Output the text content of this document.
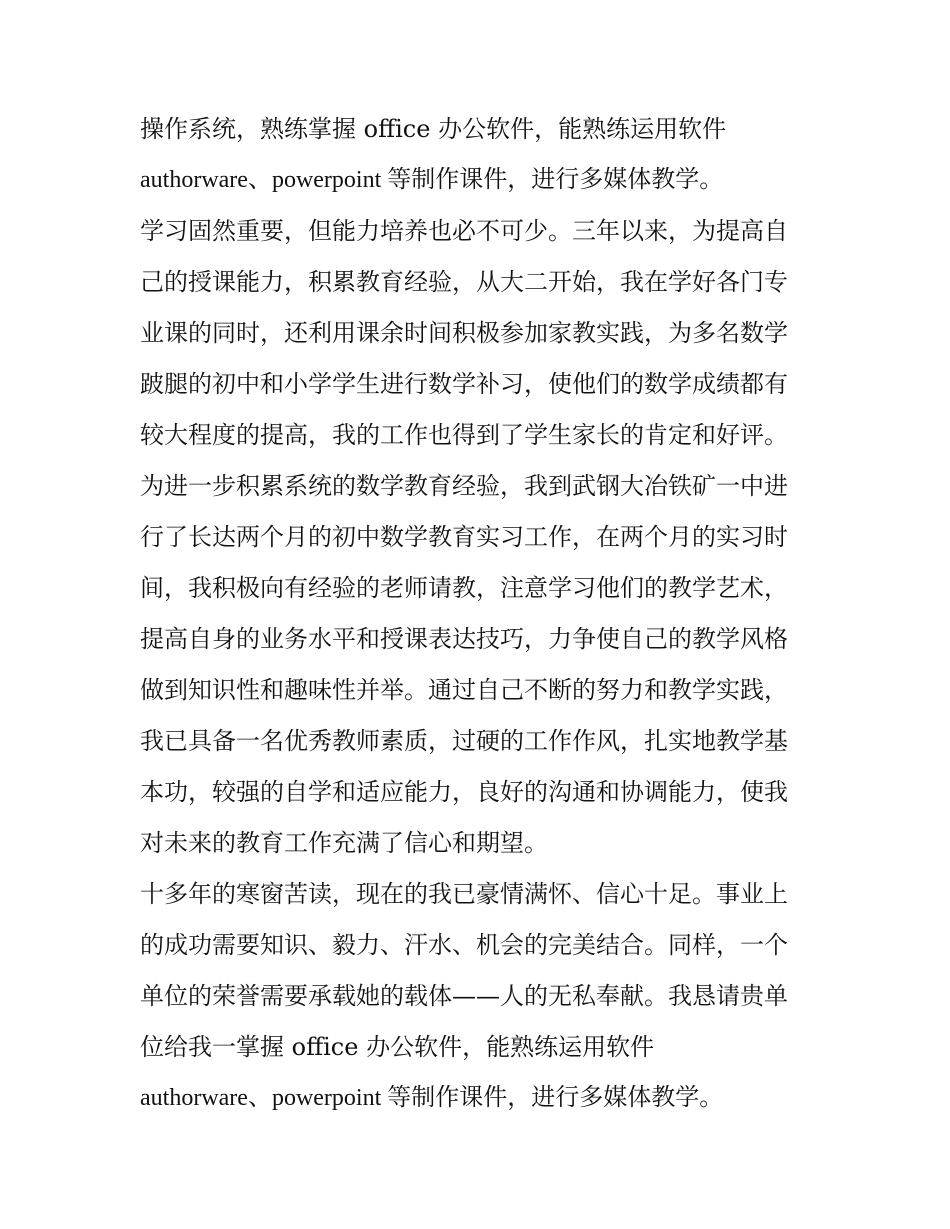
操作系统，熟练掌握 office 办公软件，能熟练运用软件
authorware、powerpoint 等制作课件，进行多媒体教学。
学习固然重要，但能力培养也必不可少。三年以来，为提高自
己的授课能力，积累教育经验，从大二开始，我在学好各门专
业课的同时，还利用课余时间积极参加家教实践，为多名数学
跛腿的初中和小学学生进行数学补习，使他们的数学成绩都有
较大程度的提高，我的工作也得到了学生家长的肯定和好评。
为进一步积累系统的数学教育经验，我到武钢大冶铁矿一中进
行了长达两个月的初中数学教育实习工作，在两个月的实习时
间，我积极向有经验的老师请教，注意学习他们的教学艺术，
提高自身的业务水平和授课表达技巧，力争使自己的教学风格
做到知识性和趣味性并举。通过自己不断的努力和教学实践，
我已具备一名优秀教师素质，过硬的工作作风，扎实地教学基
本功，较强的自学和适应能力，良好的沟通和协调能力，使我
对未来的教育工作充满了信心和期望。
十多年的寒窗苦读，现在的我已豪情满怀、信心十足。事业上
的成功需要知识、毅力、汗水、机会的完美结合。同样，一个
单位的荣誉需要承载她的载体——人的无私奉献。我恳请贵单
位给我一掌握 office 办公软件，能熟练运用软件
authorware、powerpoint 等制作课件，进行多媒体教学。
